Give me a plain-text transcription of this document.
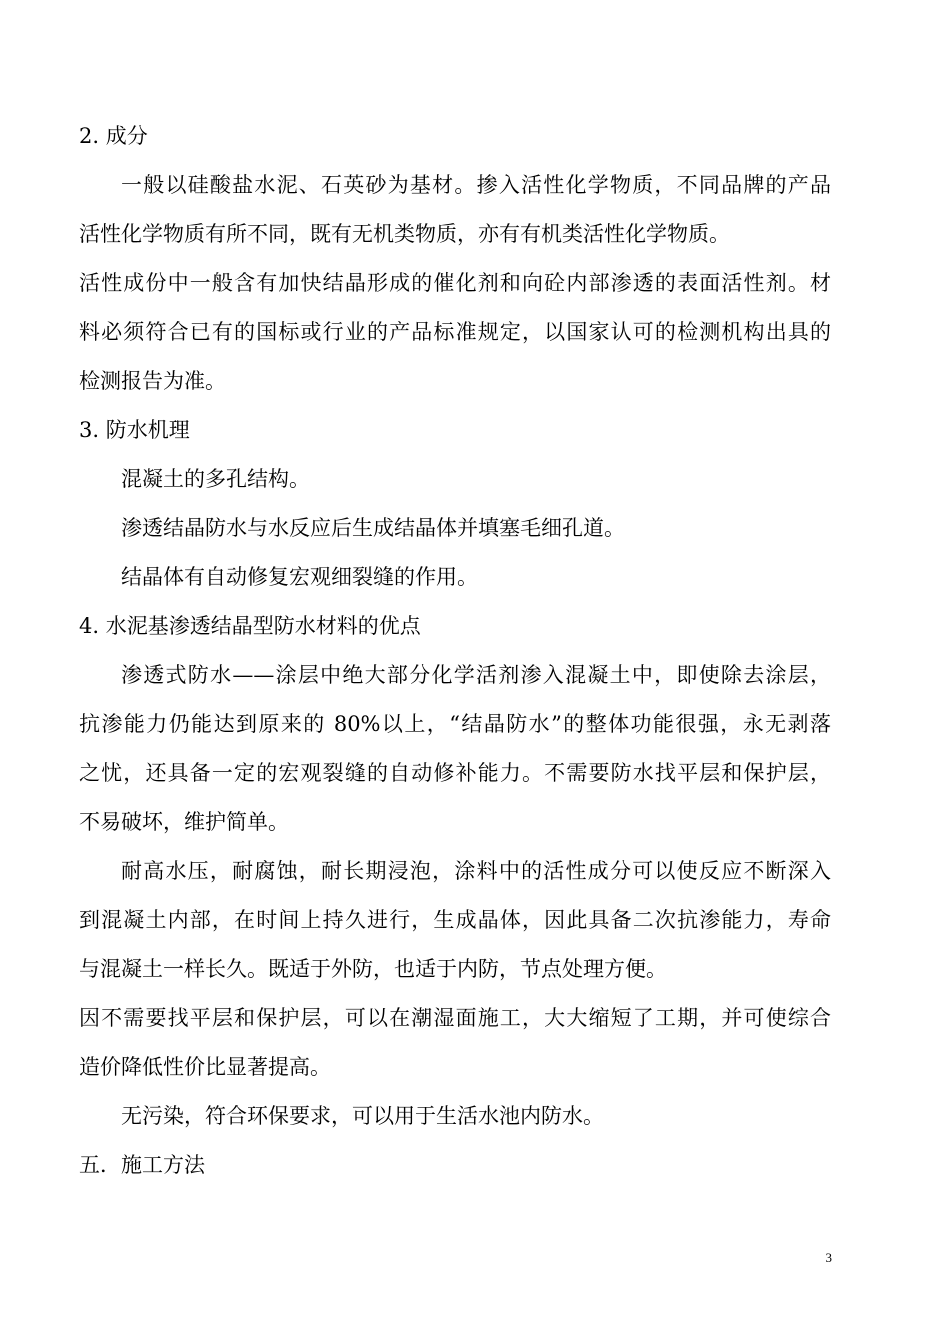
2. 成分
一般以硅酸盐水泥、石英砂为基材。掺入活性化学物质，不同品牌的产品
活性化学物质有所不同，既有无机类物质，亦有有机类活性化学物质。
活性成份中一般含有加快结晶形成的催化剂和向砼内部渗透的表面活性剂。材
料必须符合已有的国标或行业的产品标准规定，以国家认可的检测机构出具的
检测报告为准。
3. 防水机理
混凝土的多孔结构。
渗透结晶防水与水反应后生成结晶体并填塞毛细孔道。
结晶体有自动修复宏观细裂缝的作用。
4. 水泥基渗透结晶型防水材料的优点
渗透式防水——涂层中绝大部分化学活剂渗入混凝土中，即使除去涂层，
抗渗能力仍能达到原来的 80%以上，“结晶防水”的整体功能很强，永无剥落
之忧，还具备一定的宏观裂缝的自动修补能力。不需要防水找平层和保护层，
不易破坏，维护简单。
耐高水压，耐腐蚀，耐长期浸泡，涂料中的活性成分可以使反应不断深入
到混凝土内部，在时间上持久进行，生成晶体，因此具备二次抗渗能力，寿命
与混凝土一样长久。既适于外防，也适于内防，节点处理方便。
因不需要找平层和保护层，可以在潮湿面施工，大大缩短了工期，并可使综合
造价降低性价比显著提高。
无污染，符合环保要求，可以用于生活水池内防水。
五．施工方法
3
